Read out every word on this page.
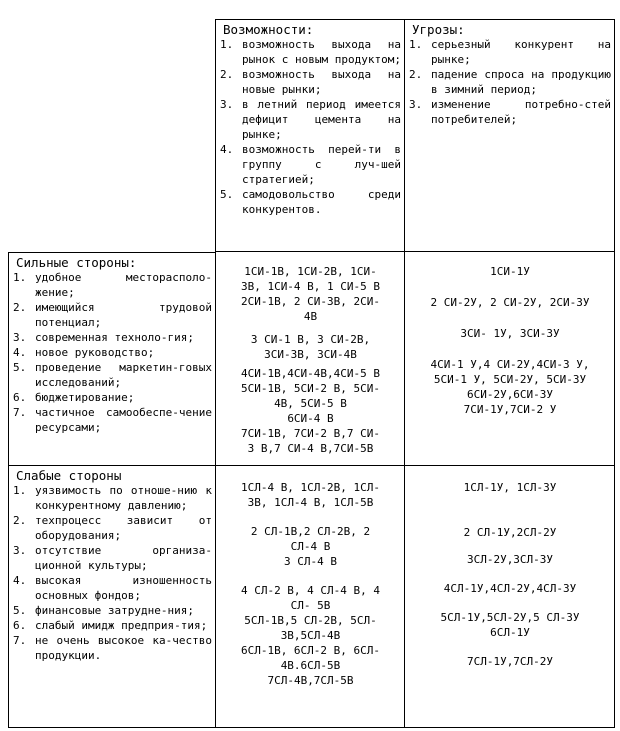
Возможности:
1. возможность выхода на рынок с новым продуктом;
2. возможность выхода на новые рынки;
3. в летний период имеется дефицит цемента на рынке;
4. возможность перей-ти в группу с луч-шей стратегией;
5. самодовольство среди конкурентов.
Угрозы:
1. серьезный конкурент на рынке;
2. падение спроса на продукцию в зимний период;
3. изменение потребно-стей потребителей;
Сильные стороны:
1. удобное месторасполо-жение;
2. имеющийся трудовой потенциал;
3. современная техноло-гия;
4. новое руководство;
5. проведение маркетин-говых исследований;
6. бюджетирование;
7. частичное самообеспе-чение ресурсами;

1СИ-1В, 1СИ-2В, 1СИ-

3В, 1СИ-4 В, 1 СИ-5 В

2СИ-1В, 2 СИ-3В, 2СИ-

4В

3 СИ-1 В, 3 СИ-2В,

3СИ-3В, 3СИ-4В

4СИ-1В,4СИ-4В,4СИ-5 В

5СИ-1В, 5СИ-2 В, 5СИ-

4В, 5СИ-5 В

6СИ-4 В

7СИ-1В, 7СИ-2 В,7 СИ-

3 В,7 СИ-4 В,7СИ-5В

1СИ-1У

2 СИ-2У, 2 СИ-2У, 2СИ-3У

3СИ- 1У, 3СИ-3У

4СИ-1 У,4 СИ-2У,4СИ-3 У,

5СИ-1 У, 5СИ-2У, 5СИ-3У

6СИ-2У,6СИ-3У

7СИ-1У,7СИ-2 У

Слабые стороны
1. уязвимость по отноше-нию к конкурентному давлению;
2. техпроцесс зависит от оборудования;
3. отсутствие организа-ционной культуры;
4. высокая изношенность основных фондов;
5. финансовые затрудне-ния;
6. слабый имидж предприя-тия;
7. не очень высокое ка-чество продукции.

1СЛ-4 В, 1СЛ-2В, 1СЛ-

3В, 1СЛ-4 В, 1СЛ-5В

2 СЛ-1В,2 СЛ-2В, 2

СЛ-4 В

3 СЛ-4 В

4 СЛ-2 В, 4 СЛ-4 В, 4

СЛ- 5В

5СЛ-1В,5 СЛ-2В, 5СЛ-

3В,5СЛ-4В

6СЛ-1В, 6СЛ-2 В, 6СЛ-

4В.6СЛ-5В

7СЛ-4В,7СЛ-5В

1СЛ-1У, 1СЛ-3У

2 СЛ-1У,2СЛ-2У

3СЛ-2У,3СЛ-3У

4СЛ-1У,4СЛ-2У,4СЛ-3У

5СЛ-1У,5СЛ-2У,5 СЛ-3У

6СЛ-1У

7СЛ-1У,7СЛ-2У
